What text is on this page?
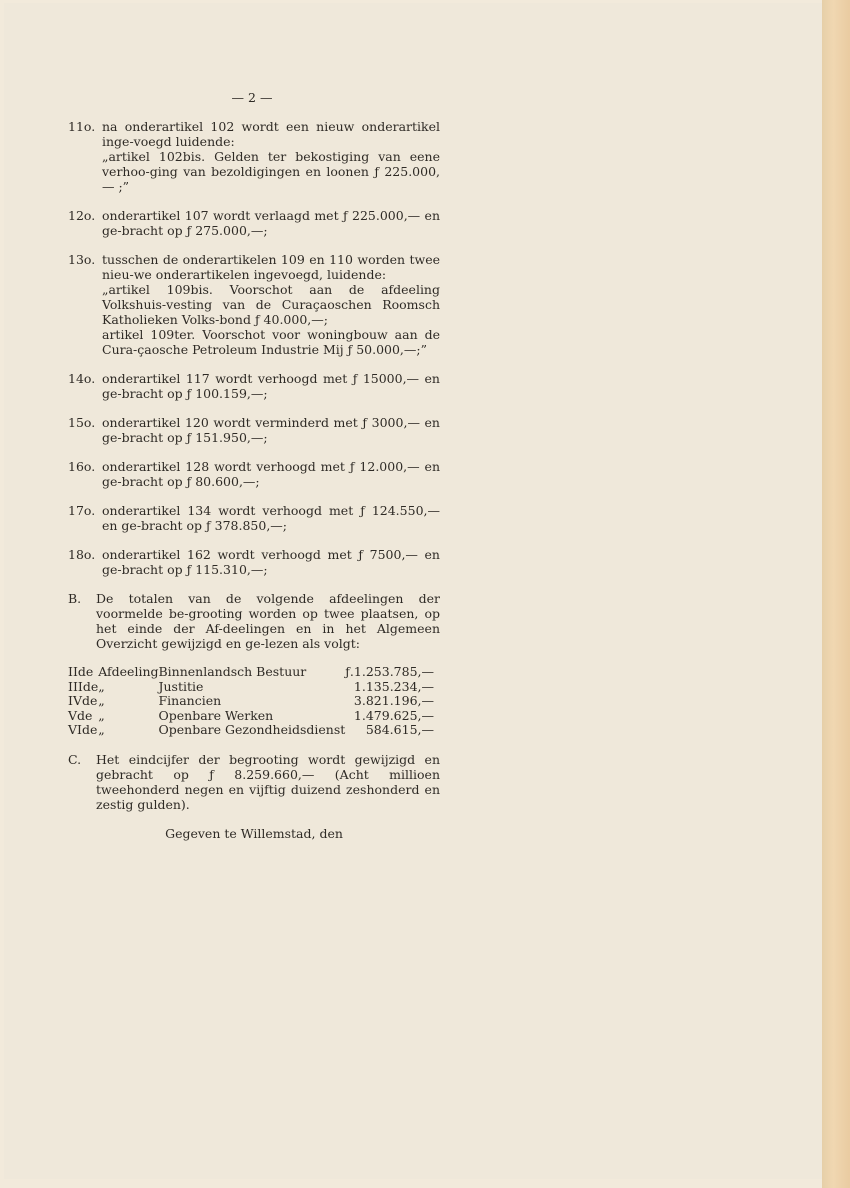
— 2 —
11o. na onderartikel 102 wordt een nieuw onderartikel inge-voegd luidende:

„artikel 102bis. Gelden ter bekostiging van eene verhoo-ging van bezoldigingen en loonen ƒ 225.000,— ;”

12o. onderartikel 107 wordt verlaagd met ƒ 225.000,— en ge-bracht op ƒ 275.000,—;

13o. tusschen de onderartikelen 109 en 110 worden twee nieu-we onderartikelen ingevoegd, luidende:

„artikel 109bis. Voorschot aan de afdeeling Volkshuis-vesting van de Curaçaoschen Roomsch Katholieken Volks-bond ƒ 40.000,—;

artikel 109ter. Voorschot voor woningbouw aan de Cura-çaosche Petroleum Industrie Mij ƒ 50.000,—;”

14o. onderartikel 117 wordt verhoogd met ƒ 15000,— en ge-bracht op ƒ 100.159,—;

15o. onderartikel 120 wordt verminderd met ƒ 3000,— en ge-bracht op ƒ 151.950,—;

16o. onderartikel 128 wordt verhoogd met ƒ 12.000,— en ge-bracht op ƒ 80.600,—;

17o. onderartikel 134 wordt verhoogd met ƒ 124.550,— en ge-bracht op ƒ 378.850,—;

18o. onderartikel 162 wordt verhoogd met ƒ 7500,— en ge-bracht op ƒ 115.310,—;

B.	De totalen van de volgende afdeelingen der voormelde be-grooting worden op twee plaatsen, op het einde der Af-deelingen en in het Algemeen Overzicht gewijzigd en ge-lezen als volgt:
IIde	Afdeeling	Binnenlandsch Bestuur	ƒ.	1.253.785,—
IIIde	„	Justitie		1.135.234,—
IVde	„	Financien		3.821.196,—
Vde	„	Openbare Werken		1.479.625,—
VIde	„	Openbare Gezondheidsdienst		584.615,—
C.	Het eindcijfer der begrooting wordt gewijzigd en gebracht op ƒ 8.259.660,— (Acht millioen tweehonderd negen en vijftig duizend zeshonderd en zestig gulden).
Gegeven te Willemstad, den
